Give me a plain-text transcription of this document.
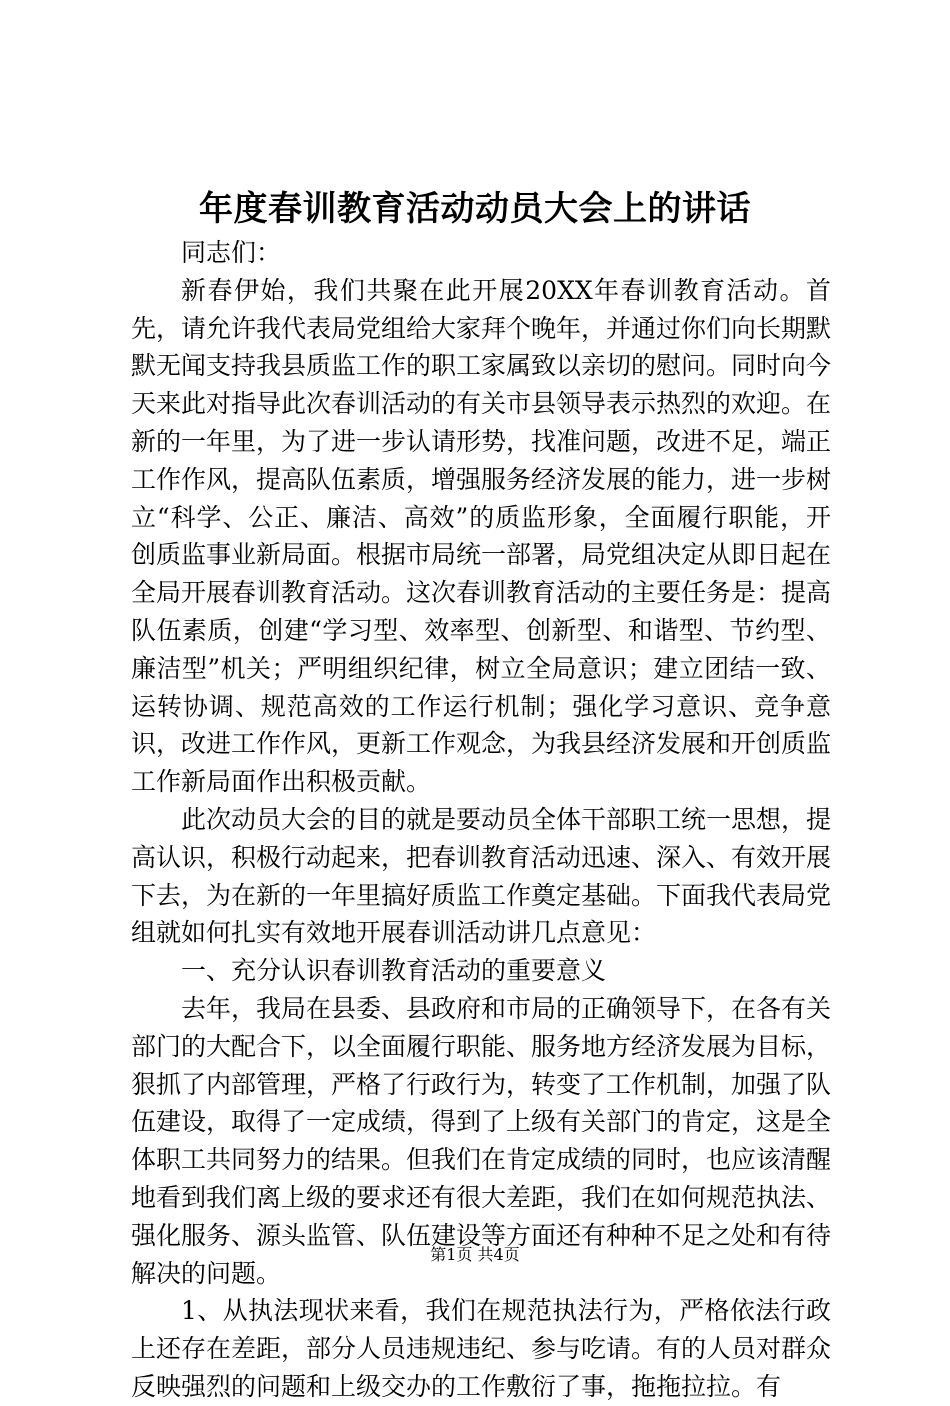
年度春训教育活动动员大会上的讲话

同志们：

新春伊始，我们共聚在此开展20XX年春训教育活动。首先，请允许我代表局党组给大家拜个晚年，并通过你们向长期默默无闻支持我县质监工作的职工家属致以亲切的慰问。同时向今天来此对指导此次春训活动的有关市县领导表示热烈的欢迎。在新的一年里，为了进一步认请形势，找准问题，改进不足，端正工作作风，提高队伍素质，增强服务经济发展的能力，进一步树立“科学、公正、廉洁、高效”的质监形象，全面履行职能，开创质监事业新局面。根据市局统一部署，局党组决定从即日起在全局开展春训教育活动。这次春训教育活动的主要任务是：提高队伍素质，创建“学习型、效率型、创新型、和谐型、节约型、廉洁型”机关；严明组织纪律，树立全局意识；建立团结一致、运转协调、规范高效的工作运行机制；强化学习意识、竞争意识，改进工作作风，更新工作观念，为我县经济发展和开创质监工作新局面作出积极贡献。

此次动员大会的目的就是要动员全体干部职工统一思想，提高认识，积极行动起来，把春训教育活动迅速、深入、有效开展下去，为在新的一年里搞好质监工作奠定基础。下面我代表局党组就如何扎实有效地开展春训活动讲几点意见：

一、充分认识春训教育活动的重要意义

去年，我局在县委、县政府和市局的正确领导下，在各有关部门的大配合下，以全面履行职能、服务地方经济发展为目标，狠抓了内部管理，严格了行政行为，转变了工作机制，加强了队伍建设，取得了一定成绩，得到了上级有关部门的肯定，这是全体职工共同努力的结果。但我们在肯定成绩的同时，也应该清醒地看到我们离上级的要求还有很大差距，我们在如何规范执法、强化服务、源头监管、队伍建设等方面还有种种不足之处和有待解决的问题。

1、从执法现状来看，我们在规范执法行为，严格依法行政上还存在差距，部分人员违规违纪、参与吃请。有的人员对群众反映强烈的问题和上级交办的工作敷衍了事，拖拖拉拉。有

第1页 共4页
